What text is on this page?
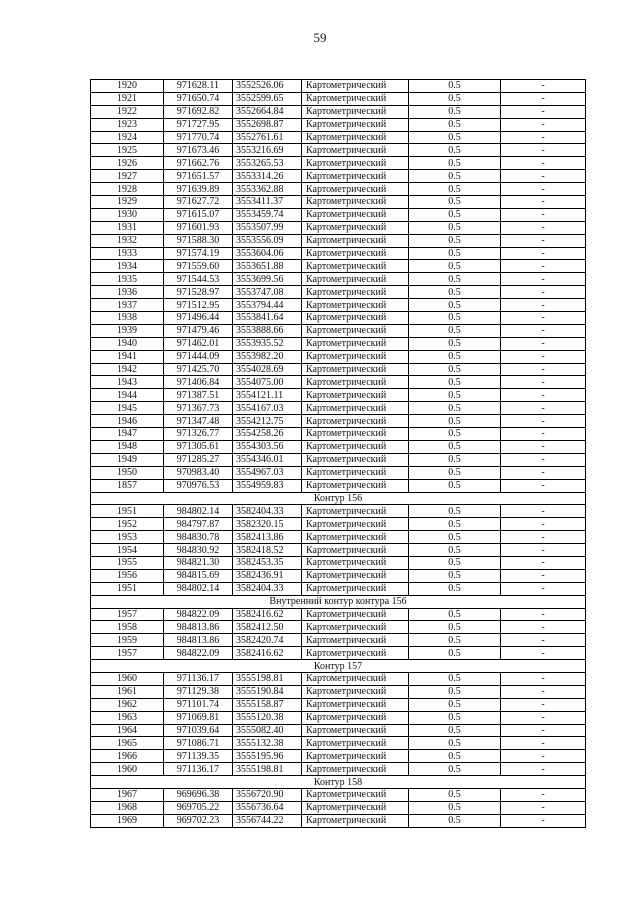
59
1920	971628.11	3552526.06	Картометрический	0.5	-
1921	971650.74	3552599.65	Картометрический	0.5	-
1922	971692.82	3552664.84	Картометрический	0.5	-
1923	971727.95	3552698.87	Картометрический	0.5	-
1924	971770.74	3552761.61	Картометрический	0.5	-
1925	971673.46	3553216.69	Картометрический	0.5	-
1926	971662.76	3553265.53	Картометрический	0.5	-
1927	971651.57	3553314.26	Картометрический	0.5	-
1928	971639.89	3553362.88	Картометрический	0.5	-
1929	971627.72	3553411.37	Картометрический	0.5	-
1930	971615.07	3553459.74	Картометрический	0.5	-
1931	971601.93	3553507.99	Картометрический	0.5	-
1932	971588.30	3553556.09	Картометрический	0.5	-
1933	971574.19	3553604.06	Картометрический	0.5	-
1934	971559.60	3553651.88	Картометрический	0.5	-
1935	971544.53	3553699.56	Картометрический	0.5	-
1936	971528.97	3553747.08	Картометрический	0.5	-
1937	971512.95	3553794.44	Картометрический	0.5	-
1938	971496.44	3553841.64	Картометрический	0.5	-
1939	971479.46	3553888.66	Картометрический	0.5	-
1940	971462.01	3553935.52	Картометрический	0.5	-
1941	971444.09	3553982.20	Картометрический	0.5	-
1942	971425.70	3554028.69	Картометрический	0.5	-
1943	971406.84	3554075.00	Картометрический	0.5	-
1944	971387.51	3554121.11	Картометрический	0.5	-
1945	971367.73	3554167.03	Картометрический	0.5	-
1946	971347.48	3554212.75	Картометрический	0.5	-
1947	971326.77	3554258.26	Картометрический	0.5	-
1948	971305.61	3554303.56	Картометрический	0.5	-
1949	971285.27	3554346.01	Картометрический	0.5	-
1950	970983.40	3554967.03	Картометрический	0.5	-
1857	970976.53	3554959.83	Картометрический	0.5	-
Контур 156					
1951	984802.14	3582404.33	Картометрический	0.5	-
1952	984797.87	3582320.15	Картометрический	0.5	-
1953	984830.78	3582413.86	Картометрический	0.5	-
1954	984830.92	3582418.52	Картометрический	0.5	-
1955	984821.30	3582453.35	Картометрический	0.5	-
1956	984815.69	3582436.91	Картометрический	0.5	-
1951	984802.14	3582404.33	Картометрический	0.5	-
Внутренний контур контура 156					
1957	984822.09	3582416.62	Картометрический	0.5	-
1958	984813.86	3582412.50	Картометрический	0.5	-
1959	984813.86	3582420.74	Картометрический	0.5	-
1957	984822.09	3582416.62	Картометрический	0.5	-
Контур 157					
1960	971136.17	3555198.81	Картометрический	0.5	-
1961	971129.38	3555190.84	Картометрический	0.5	-
1962	971101.74	3555158.87	Картометрический	0.5	-
1963	971069.81	3555120.38	Картометрический	0.5	-
1964	971039.64	3555082.40	Картометрический	0.5	-
1965	971086.71	3555132.38	Картометрический	0.5	-
1966	971139.35	3555195.96	Картометрический	0.5	-
1960	971136.17	3555198.81	Картометрический	0.5	-
Контур 158					
1967	969696.38	3556720.90	Картометрический	0.5	-
1968	969705.22	3556736.64	Картометрический	0.5	-
1969	969702.23	3556744.22	Картометрический	0.5	-
